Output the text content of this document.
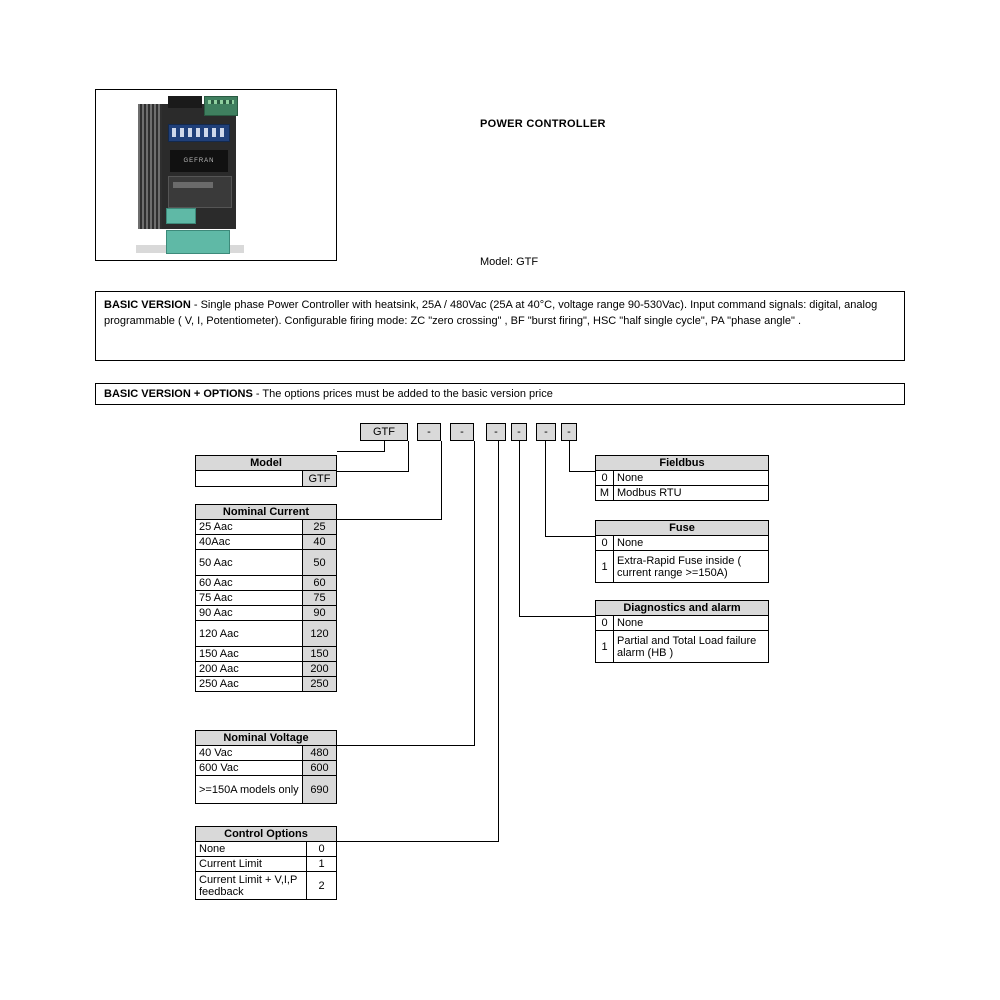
GEFRAN
POWER CONTROLLER
Model: GTF
BASIC VERSION - Single phase Power Controller with heatsink, 25A / 480Vac (25A at 40°C, voltage range 90-530Vac). Input command signals: digital, analog programmable ( V, I, Potentiometer). Configurable firing mode: ZC "zero crossing" , BF "burst firing", HSC "half single cycle", PA "phase angle" .
BASIC VERSION + OPTIONS - The options prices must be added to the basic version price
GTF	-	-	-	-	-	-
Model
	GTF
Nominal Current	
25 Aac	25
40Aac	40
50 Aac	50
60 Aac	60
75 Aac	75
90 Aac	90
120 Aac	120
150 Aac	150
200 Aac	200
250 Aac	250
Nominal Voltage	
40 Vac	480
600 Vac	600
>=150A models only	690
Control Options	
None	0
Current Limit	1
Current Limit + V,I,P feedback	2
Fieldbus	
0	None
M	Modbus RTU
Fuse	
0	None
1	Extra-Rapid Fuse inside ( current range >=150A)
Diagnostics and alarm	
0	None
1	Partial and Total Load failure alarm (HB )
